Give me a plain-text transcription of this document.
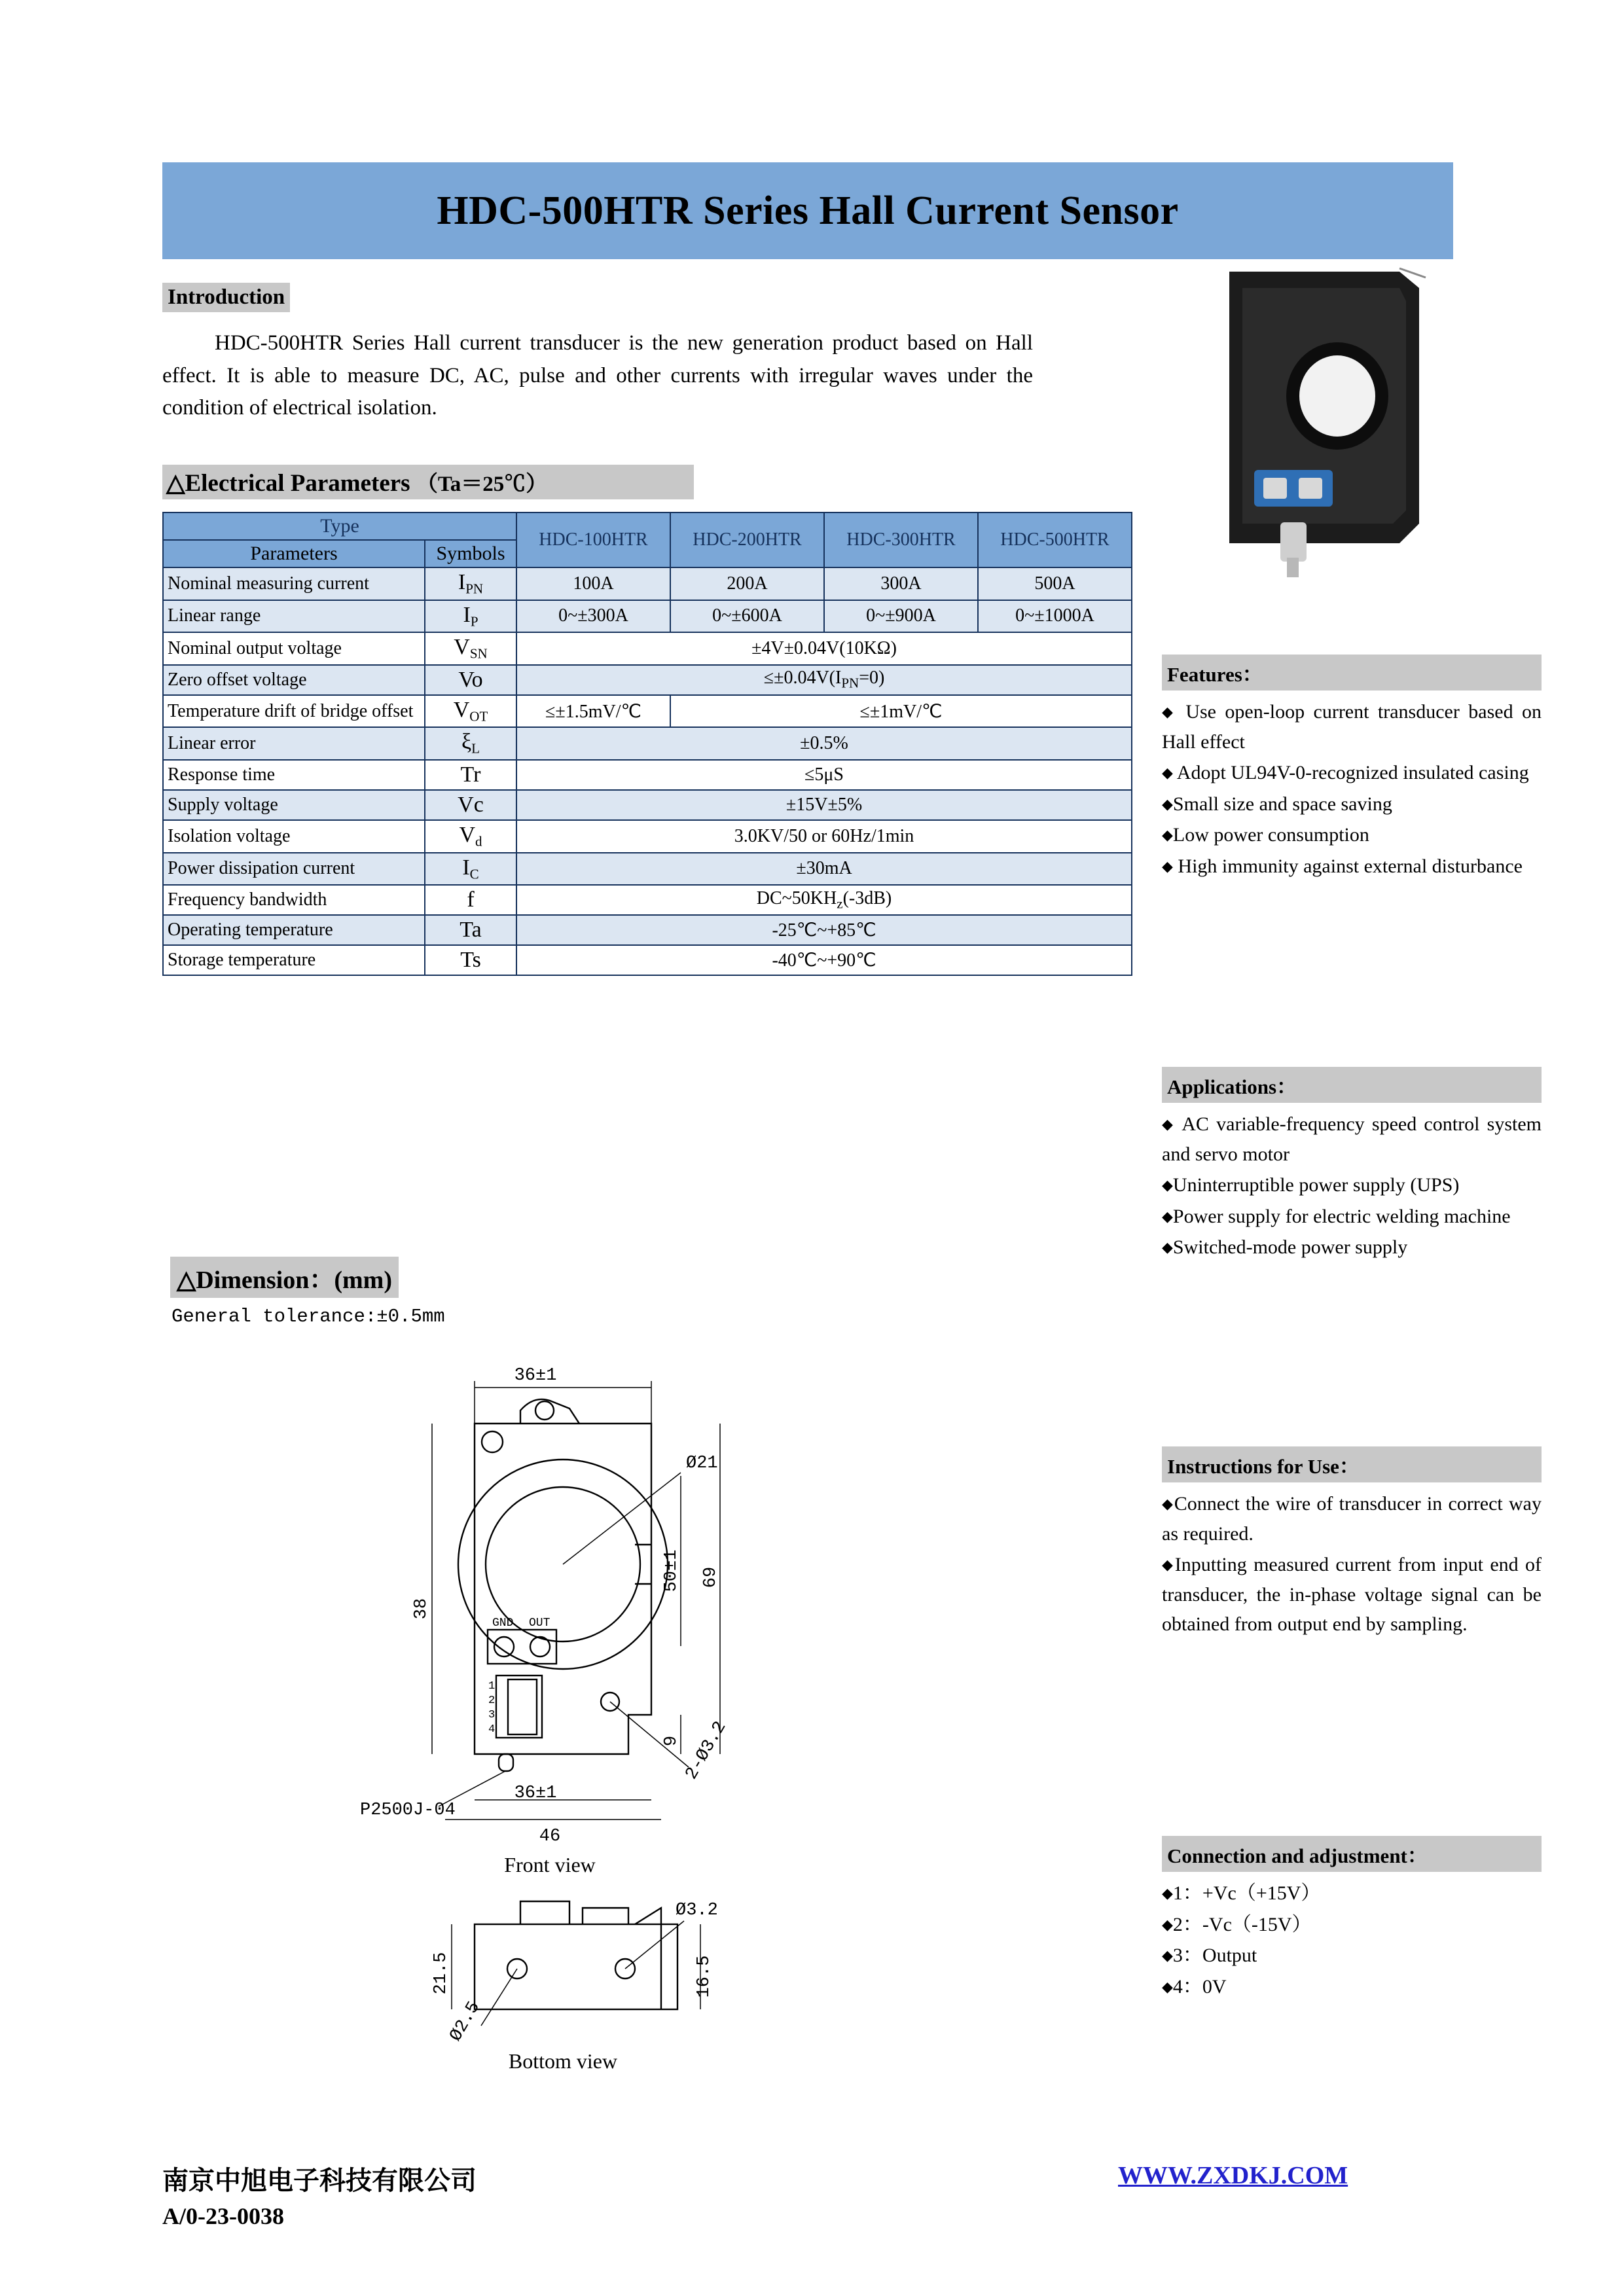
HDC-500HTR Series Hall Current Sensor
Introduction
HDC-500HTR Series Hall current transducer is the new generation product based on Hall effect. It is able to measure DC, AC, pulse and other currents with irregular waves under the condition of electrical isolation.
△Electrical Parameters （Ta＝25℃）
Type		HDC-100HTR	HDC-200HTR	HDC-300HTR	HDC-500HTR
Parameters	Symbols				
Nominal measuring current	$I_{PN}$	100A	200A	300A	500A
Linear range	$I_P$	0~±300A	0~±600A	0~±900A	0~±1000A
Nominal output voltage	$V_{SN}$	±4V±0.04V(10KΩ)			
Zero offset voltage	Vo	$\le\pm 0.04V(I_{PN}=0)$			
Temperature drift of bridge offset	$V_{OT}$	≤±1.5mV/℃	≤±1mV/℃		
Linear error	$\xi_L$	±0.5%			
Response time	Tr	≤5μS			
Supply voltage	Vc	±15V±5%			
Isolation voltage	$V_d$	3.0KV/50 or 60Hz/1min			
Power dissipation current	$I_C$	±30mA			
Frequency bandwidth	f	$DC\sim 50KH_z(-3dB)$			
Operating temperature	Ta	-25℃~+85℃			
Storage temperature	Ts	-40℃~+90℃			
△Dimension：(mm)
General tolerance:±0.5mm
36±1
36±1
46
38
50±1 69
9
Ø21
2-Ø3.2
P2500J-04
GND OUT
1
2
3
4
Front view
21.5	16.5
Ø3.2
Ø2.5
Bottom view
Features：
◆ Use open-loop current transducer based on Hall effect
◆ Adopt UL94V-0-recognized insulated casing
◆Small size and space saving
◆Low power consumption
◆ High immunity against external disturbance
Applications：
◆ AC variable-frequency speed control system and servo motor
◆Uninterruptible power supply (UPS)
◆Power supply for electric welding machine
◆Switched-mode power supply
Instructions for Use：
◆Connect the wire of transducer in correct way as required.
◆Inputting measured current from input end of transducer, the in-phase voltage signal can be obtained from output end by sampling.
Connection and adjustment：
◆1：+Vc（+15V）
◆2：-Vc（-15V）
◆3：Output
◆4：0V
南京中旭电子科技有限公司
A/0-23-0038
WWW.ZXDKJ.COM
